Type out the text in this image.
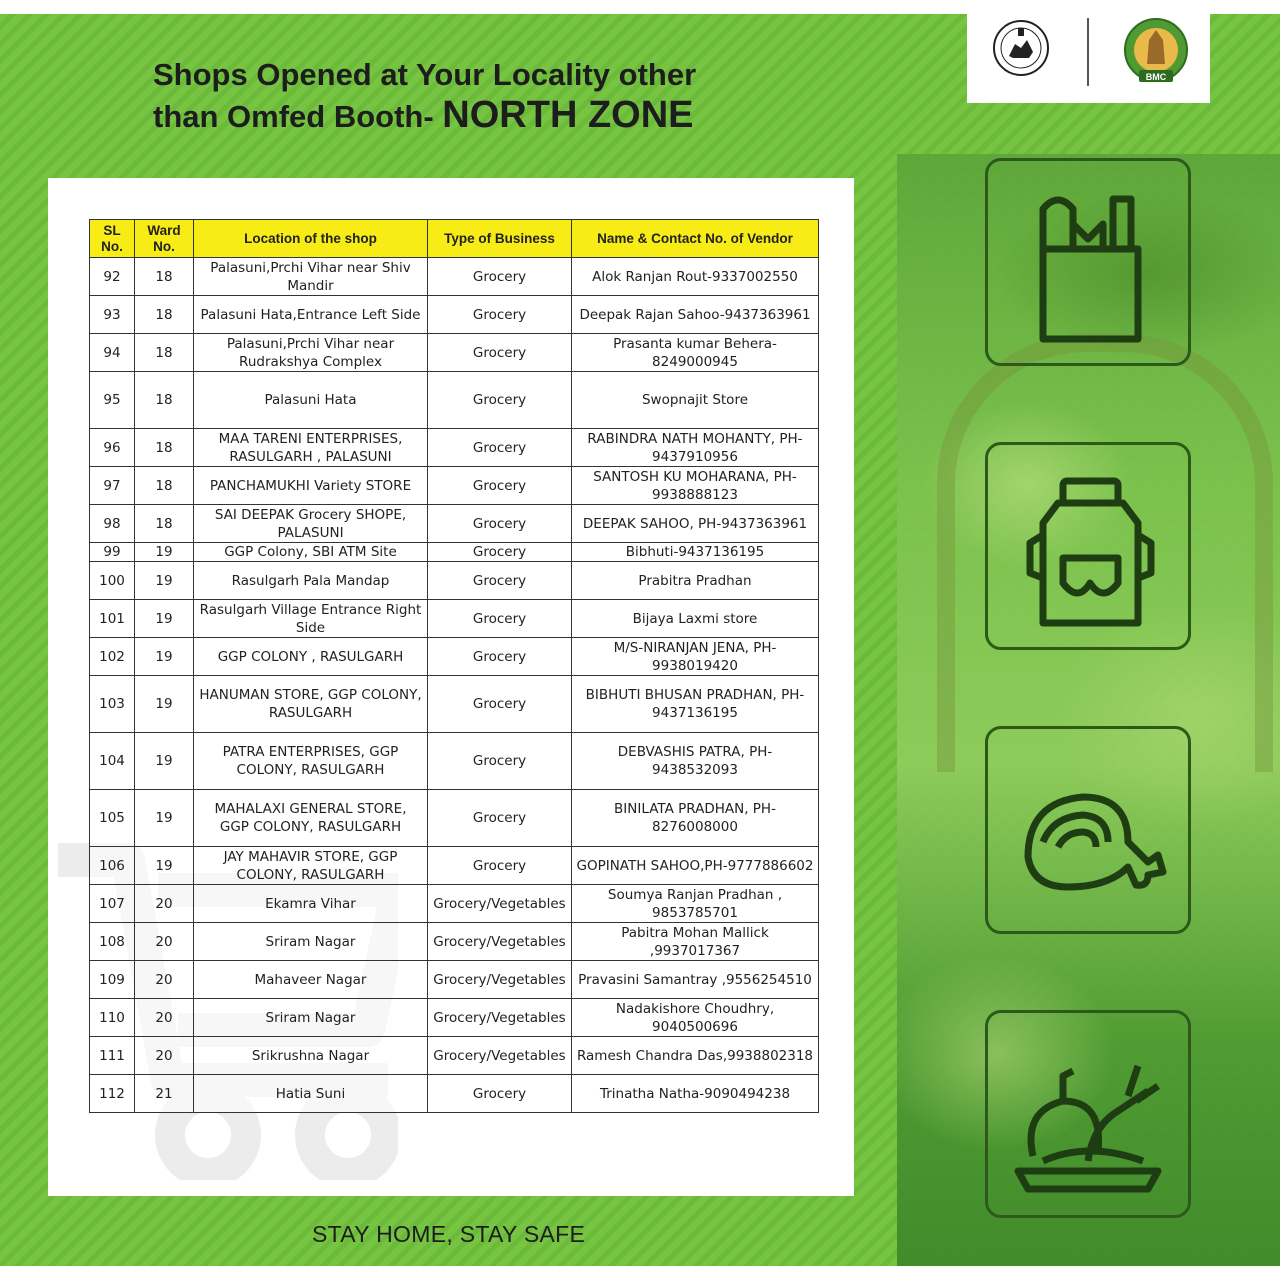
BMC
Shops Opened at Your Locality other
than Omfed Booth- NORTH ZONE
SL No.	Ward No.	Location of the shop	Type of Business	Name & Contact No. of Vendor
92	18	Palasuni,Prchi Vihar near Shiv Mandir	Grocery	Alok Ranjan Rout-9337002550
93	18	Palasuni Hata,Entrance Left Side	Grocery	Deepak Rajan Sahoo-9437363961
94	18	Palasuni,Prchi Vihar near Rudrakshya Complex	Grocery	Prasanta kumar Behera-8249000945
95	18	Palasuni Hata	Grocery	Swopnajit Store
96	18	MAA TARENI ENTERPRISES, RASULGARH , PALASUNI	Grocery	RABINDRA NATH MOHANTY, PH-9437910956
97	18	PANCHAMUKHI Variety STORE	Grocery	SANTOSH KU MOHARANA, PH-9938888123
98	18	SAI DEEPAK Grocery SHOPE, PALASUNI	Grocery	DEEPAK SAHOO, PH-9437363961
99	19	GGP Colony, SBI ATM Site	Grocery	Bibhuti-9437136195
100	19	Rasulgarh Pala Mandap	Grocery	Prabitra Pradhan
101	19	Rasulgarh Village Entrance Right Side	Grocery	Bijaya Laxmi store
102	19	GGP COLONY , RASULGARH	Grocery	M/S-NIRANJAN JENA, PH-9938019420
103	19	HANUMAN STORE, GGP COLONY, RASULGARH	Grocery	BIBHUTI BHUSAN PRADHAN, PH-9437136195
104	19	PATRA ENTERPRISES, GGP COLONY, RASULGARH	Grocery	DEBVASHIS PATRA, PH-9438532093
105	19	MAHALAXI GENERAL STORE, GGP COLONY, RASULGARH	Grocery	BINILATA PRADHAN, PH-8276008000
106	19	JAY MAHAVIR STORE, GGP COLONY, RASULGARH	Grocery	GOPINATH SAHOO,PH-9777886602
107	20	Ekamra Vihar	Grocery/Vegetables	Soumya Ranjan Pradhan , 9853785701
108	20	Sriram Nagar	Grocery/Vegetables	Pabitra Mohan Mallick ,9937017367
109	20	Mahaveer Nagar	Grocery/Vegetables	Pravasini Samantray ,9556254510
110	20	Sriram Nagar	Grocery/Vegetables	Nadakishore Choudhry, 9040500696
111	20	Srikrushna Nagar	Grocery/Vegetables	Ramesh Chandra Das,9938802318
112	21	Hatia Suni	Grocery	Trinatha Natha-9090494238
STAY HOME, STAY SAFE
